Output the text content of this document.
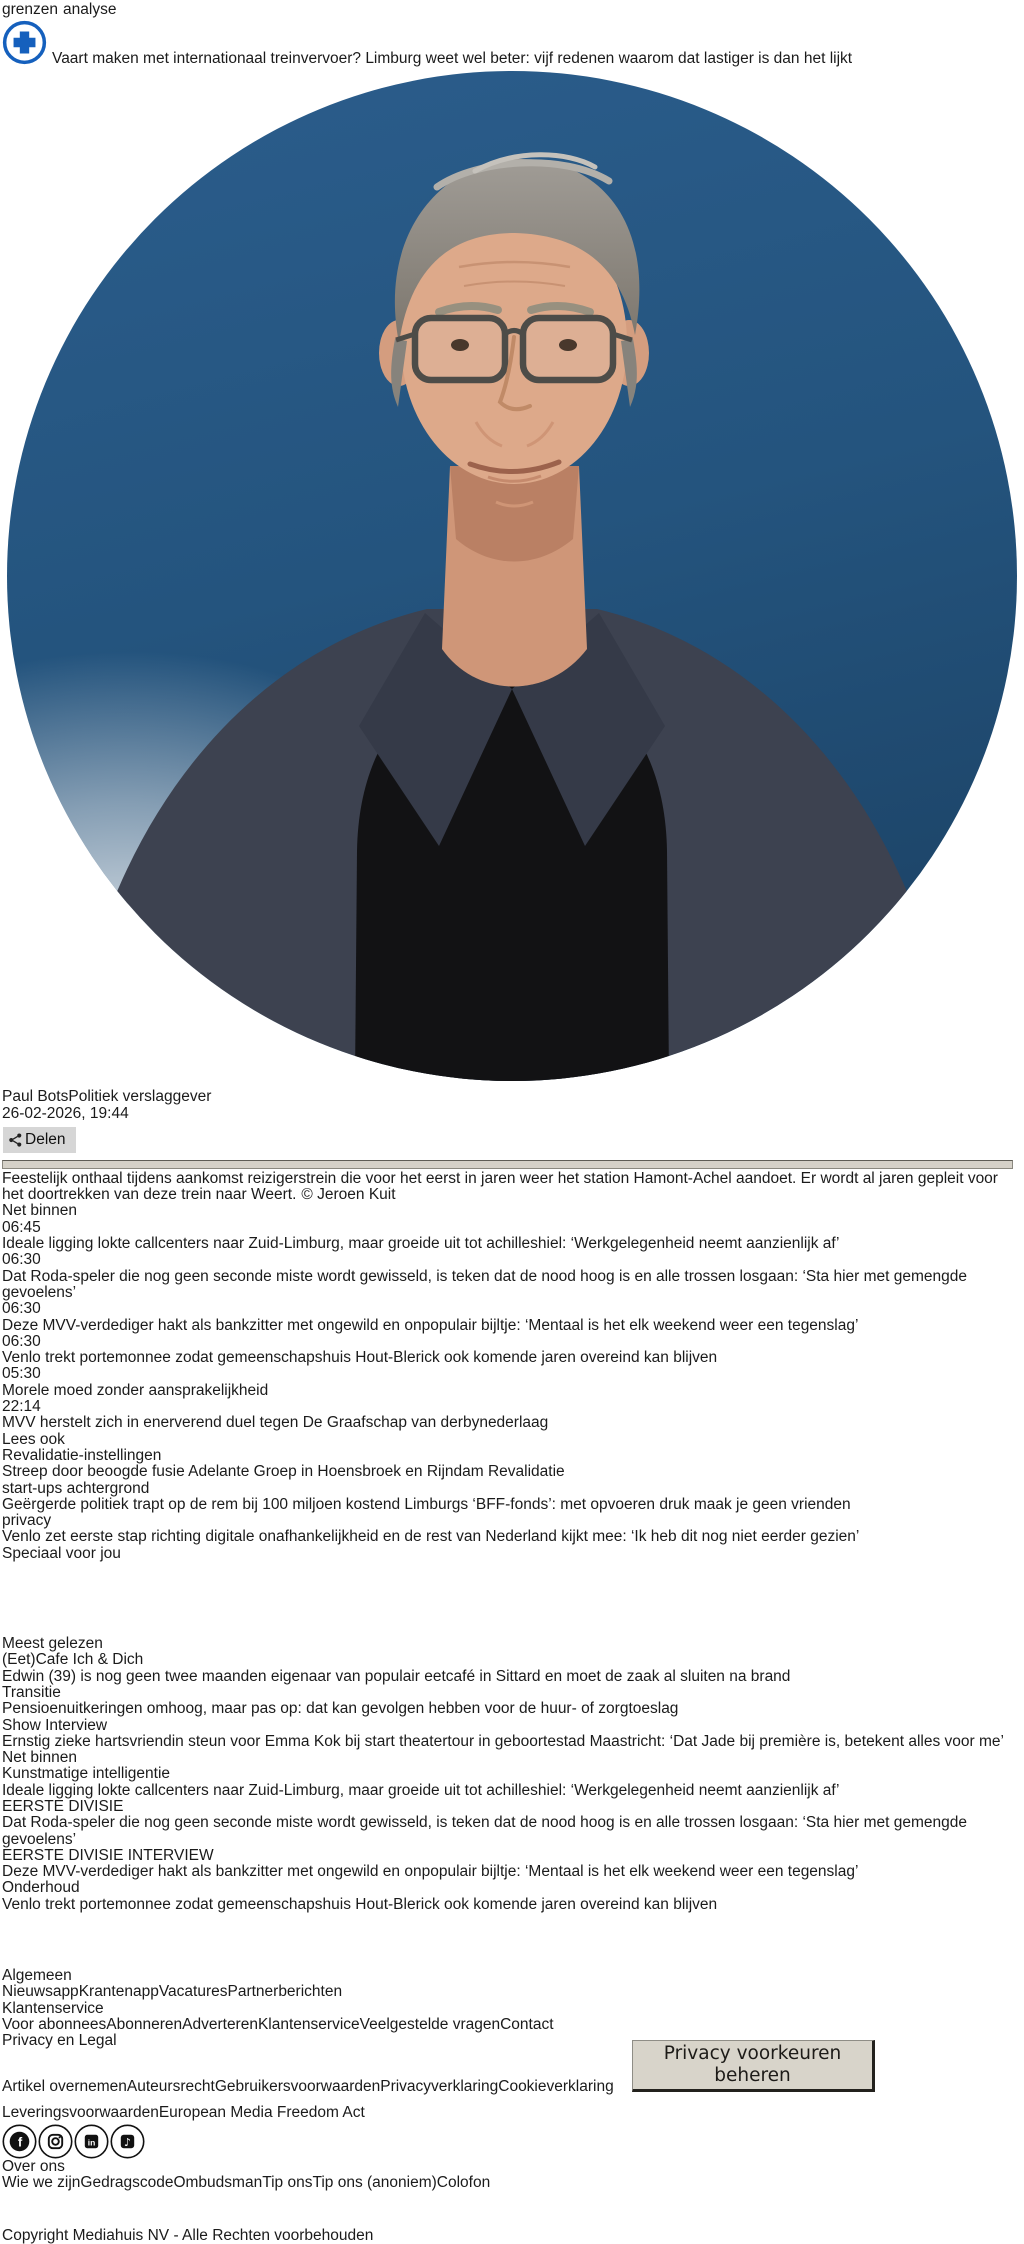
grenzen analyse
Vaart maken met internationaal treinvervoer? Limburg weet wel beter: vijf redenen waarom dat lastiger is dan het lijkt
Paul BotsPolitiek verslaggever
26-02-2026, 19:44
Delen

Feestelijk onthaal tijdens aankomst reizigerstrein die voor het eerst in jaren weer het station Hamont-Achel aandoet. Er wordt al jaren gepleit voor het doortrekken van deze trein naar Weert. © Jeroen Kuit

Net binnen
06:45
Ideale ligging lokte callcenters naar Zuid-Limburg, maar groeide uit tot achilleshiel: ‘Werkgelegenheid neemt aanzienlijk af’
06:30
Dat Roda-speler die nog geen seconde miste wordt gewisseld, is teken dat de nood hoog is en alle trossen losgaan: ‘Sta hier met gemengde gevoelens’
06:30
Deze MVV-verdediger hakt als bankzitter met ongewild en onpopulair bijltje: ‘Mentaal is het elk weekend weer een tegenslag’
06:30
Venlo trekt portemonnee zodat gemeenschapshuis Hout-Blerick ook komende jaren overeind kan blijven
05:30
Morele moed zonder aansprakelijkheid
22:14
MVV herstelt zich in enerverend duel tegen De Graafschap van derbynederlaag
Lees ook
Revalidatie-instellingen
Streep door beoogde fusie Adelante Groep in Hoensbroek en Rijndam Revalidatie
start-ups achtergrond
Geërgerde politiek trapt op de rem bij 100 miljoen kostend Limburgs ‘BFF-fonds’: met opvoeren druk maak je geen vrienden
privacy
Venlo zet eerste stap richting digitale onafhankelijkheid en de rest van Nederland kijkt mee: ‘Ik heb dit nog niet eerder gezien’
Speciaal voor jou
Meest gelezen
(Eet)Cafe Ich & Dich
Edwin (39) is nog geen twee maanden eigenaar van populair eetcafé in Sittard en moet de zaak al sluiten na brand
Transitie
Pensioenuitkeringen omhoog, maar pas op: dat kan gevolgen hebben voor de huur- of zorgtoeslag
Show Interview
Ernstig zieke hartsvriendin steun voor Emma Kok bij start theatertour in geboortestad Maastricht: ‘Dat Jade bij première is, betekent alles voor me’
Net binnen
Kunstmatige intelligentie
Ideale ligging lokte callcenters naar Zuid-Limburg, maar groeide uit tot achilleshiel: ‘Werkgelegenheid neemt aanzienlijk af’
EERSTE DIVISIE
Dat Roda-speler die nog geen seconde miste wordt gewisseld, is teken dat de nood hoog is en alle trossen losgaan: ‘Sta hier met gemengde gevoelens’
EERSTE DIVISIE INTERVIEW
Deze MVV-verdediger hakt als bankzitter met ongewild en onpopulair bijltje: ‘Mentaal is het elk weekend weer een tegenslag’
Onderhoud
Venlo trekt portemonnee zodat gemeenschapshuis Hout-Blerick ook komende jaren overeind kan blijven
Algemeen
NieuwsappKrantenappVacaturesPartnerberichten
Klantenservice
Voor abonneesAbonnerenAdverterenKlantenserviceVeelgestelde vragenContact
Privacy en Legal
Privacy voorkeuren beheren
Artikel overnemenAuteursrechtGebruikersvoorwaardenPrivacyverklaringCookieverklaring
LeveringsvoorwaardenEuropean Media Freedom Act
f	in	♪
Over ons
Wie we zijnGedragscodeOmbudsmanTip onsTip ons (anoniem)Colofon
Copyright Mediahuis NV - Alle Rechten voorbehouden
